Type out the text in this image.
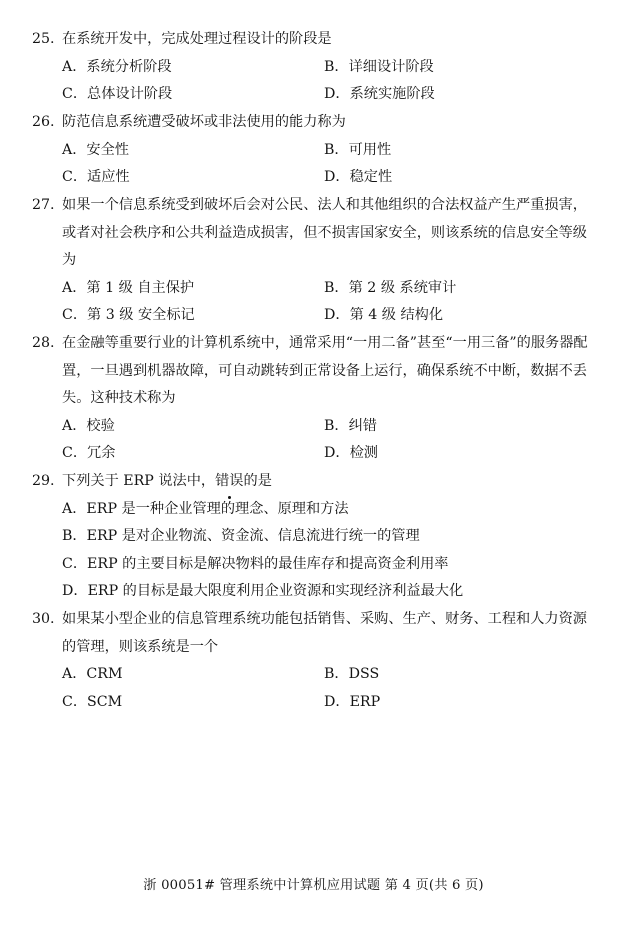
25. 在系统开发中，完成处理过程设计的阶段是
A．系统分析阶段	B．详细设计阶段
C．总体设计阶段	D．系统实施阶段
26. 防范信息系统遭受破坏或非法使用的能力称为
A．安全性	B．可用性
C．适应性	D．稳定性
27. 如果一个信息系统受到破坏后会对公民、法人和其他组织的合法权益产生严重损害，或者对社会秩序和公共利益造成损害，但不损害国家安全，则该系统的信息安全等级为
A．第 1 级 自主保护	B．第 2 级 系统审计
C．第 3 级 安全标记	D．第 4 级 结构化
28. 在金融等重要行业的计算机系统中，通常采用“一用二备”甚至“一用三备”的服务器配置，一旦遇到机器故障，可自动跳转到正常设备上运行，确保系统不中断，数据不丢失。这种技术称为
A．校验	B．纠错
C．冗余	D．检测
29. 下列关于 ERP 说法中，错误的是
A．ERP 是一种企业管理的理念、原理和方法
B．ERP 是对企业物流、资金流、信息流进行统一的管理
C．ERP 的主要目标是解决物料的最佳库存和提高资金利用率
D．ERP 的目标是最大限度利用企业资源和实现经济利益最大化
30. 如果某小型企业的信息管理系统功能包括销售、采购、生产、财务、工程和人力资源的管理，则该系统是一个
A．CRM	B．DSS
C．SCM	D．ERP
浙 00051# 管理系统中计算机应用试题 第 4 页(共 6 页)
